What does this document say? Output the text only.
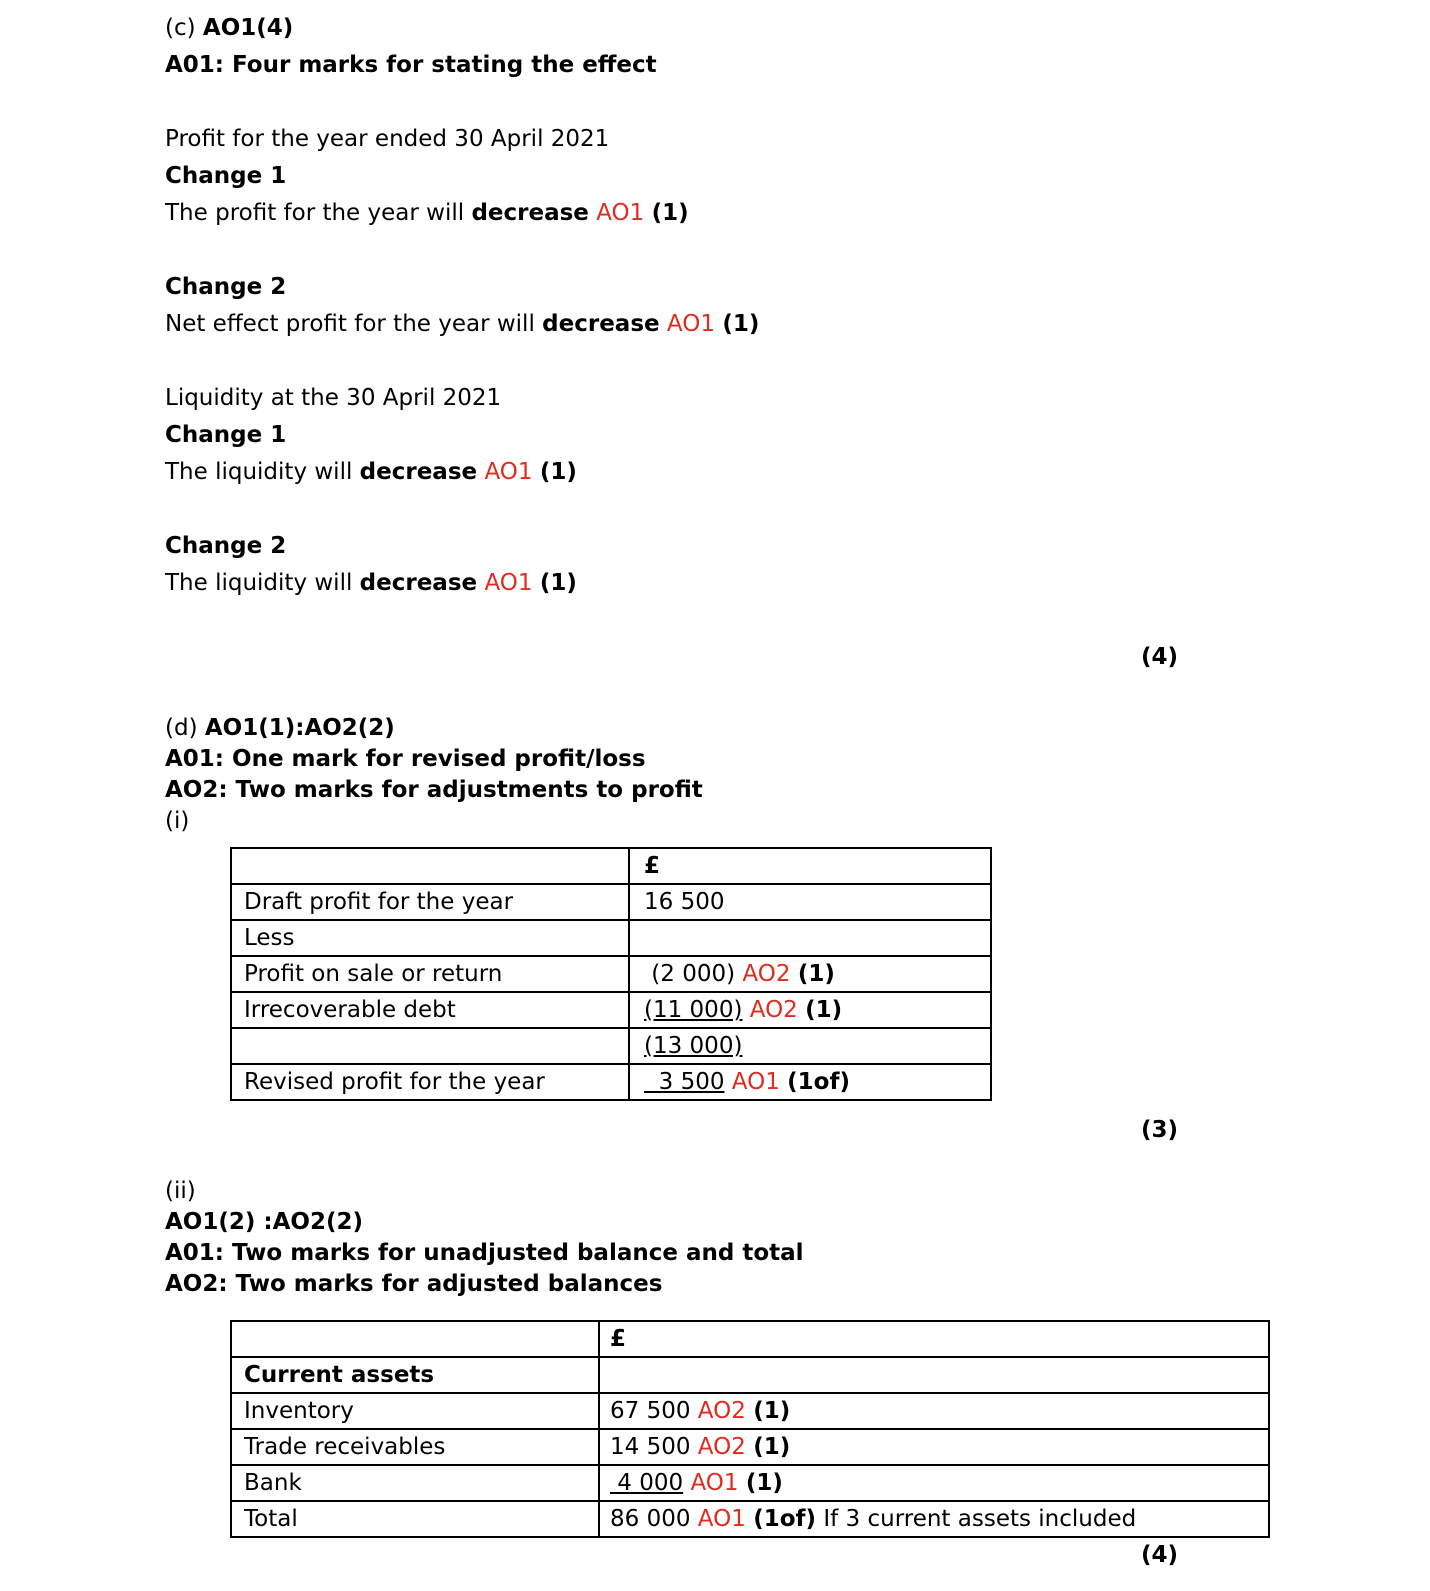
(c) AO1(4)

A01: Four marks for stating the effect

Profit for the year ended 30 April 2021

Change 1

The profit for the year will decrease AO1 (1)

Change 2

Net effect profit for the year will decrease AO1 (1)

Liquidity at the 30 April 2021

Change 1

The liquidity will decrease AO1 (1)

Change 2

The liquidity will decrease AO1 (1)

(4)

(d) AO1(1):AO2(2)

A01: One mark for revised profit/loss

AO2: Two marks for adjustments to profit

(i)

	£
Draft profit for the year	16 500
Less	
Profit on sale or return	(2 000) AO2 (1)
Irrecoverable debt	(11 000) AO2 (1)
	(13 000)
Revised profit for the year	3 500 AO1 (1of)

(3)

(ii)

AO1(2) :AO2(2)

A01: Two marks for unadjusted balance and total

AO2: Two marks for adjusted balances

	£
Current assets	
Inventory	67 500 AO2 (1)
Trade receivables	14 500 AO2 (1)
Bank	4 000 AO1 (1)
Total	86 000 AO1 (1of) If 3 current assets included

(4)
